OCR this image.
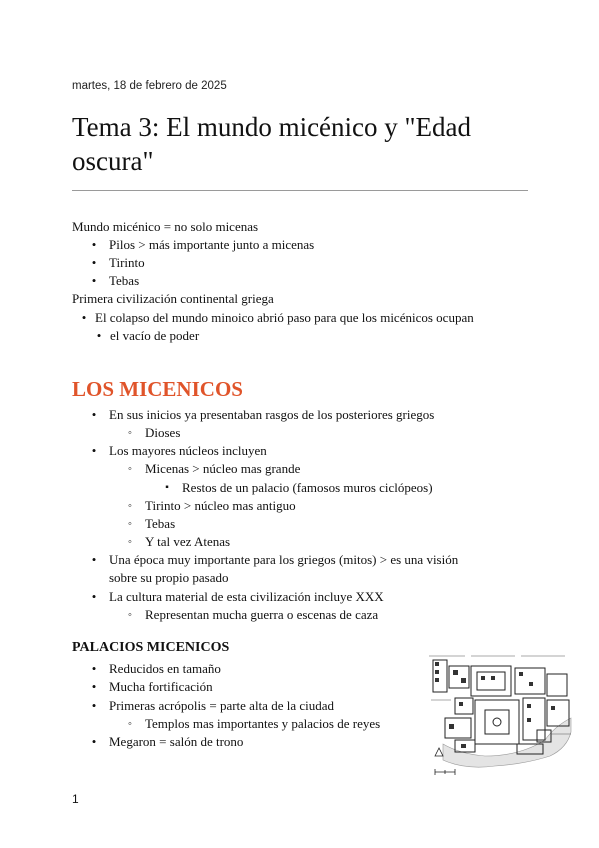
martes, 18 de febrero de 2025
Tema 3: El mundo micénico y "Edad oscura"
Mundo micénico = no solo micenas
• Pilos > más importante junto a micenas
• Tirinto
• Tebas
Primera civilización continental griega
• El colapso del mundo minoico abrió paso para que los micénicos ocupan
• el vacío de poder
LOS MICENICOS
• En sus inicios ya presentaban rasgos de los posteriores griegos
◦	Dioses
• Los mayores núcleos incluyen
◦	Micenas > núcleo mas grande
▪	Restos de un palacio (famosos muros ciclópeos)
◦	Tirinto > núcleo mas antiguo
◦	Tebas
◦	Y tal vez Atenas
• Una época muy importante para los griegos (mitos) > es una visión
sobre su propio pasado
• La cultura material de esta civilización incluye XXX
◦	Representan mucha guerra o escenas de caza
PALACIOS MICENICOS
• Reducidos en tamaño
• Mucha fortificación
• Primeras acrópolis = parte alta de la ciudad
◦	Templos mas importantes y palacios de reyes
• Megaron = salón de trono
1
